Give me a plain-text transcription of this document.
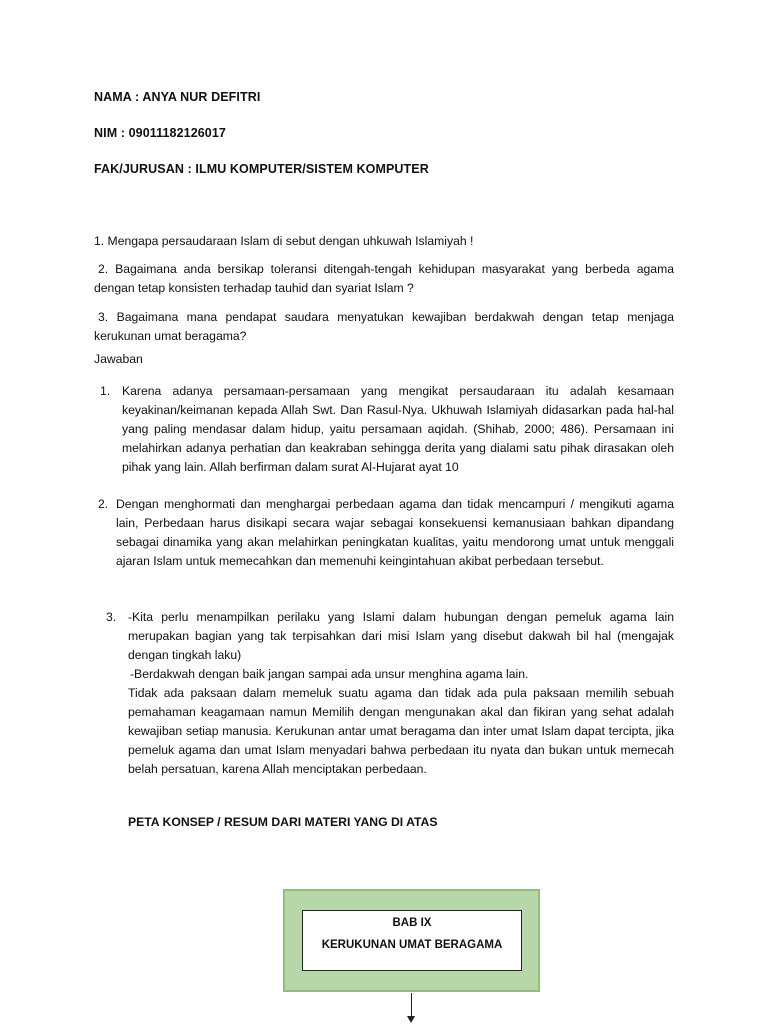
NAMA : ANYA NUR DEFITRI
NIM : 09011182126017
FAK/JURUSAN : ILMU KOMPUTER/SISTEM KOMPUTER
1. Mengapa persaudaraan Islam di sebut dengan uhkuwah Islamiyah !
2. Bagaimana anda bersikap toleransi ditengah-tengah kehidupan masyarakat yang berbeda agama dengan tetap konsisten terhadap tauhid dan syariat Islam ?
3. Bagaimana mana pendapat saudara menyatukan kewajiban berdakwah dengan tetap menjaga kerukunan umat beragama?
Jawaban
1. Karena adanya persamaan-persamaan yang mengikat persaudaraan itu adalah kesamaan keyakinan/keimanan kepada Allah Swt. Dan Rasul-Nya. Ukhuwah Islamiyah didasarkan pada hal-hal yang paling mendasar dalam hidup, yaitu persamaan aqidah. (Shihab, 2000; 486). Persamaan ini melahirkan adanya perhatian dan keakraban sehingga derita yang dialami satu pihak dirasakan oleh pihak yang lain. Allah berfirman dalam surat Al-Hujarat ayat 10
2. Dengan menghormati dan menghargai perbedaan agama dan tidak mencampuri / mengikuti agama lain, Perbedaan harus disikapi secara wajar sebagai konsekuensi kemanusiaan bahkan dipandang sebagai dinamika yang akan melahirkan peningkatan kualitas, yaitu mendorong umat untuk menggali ajaran Islam untuk memecahkan dan memenuhi keingintahuan akibat perbedaan tersebut.
3. -Kita perlu menampilkan perilaku yang Islami dalam hubungan dengan pemeluk agama lain merupakan bagian yang tak terpisahkan dari misi Islam yang disebut dakwah bil hal (mengajak dengan tingkah laku)
-Berdakwah dengan baik jangan sampai ada unsur menghina agama lain.
Tidak ada paksaan dalam memeluk suatu agama dan tidak ada pula paksaan memilih sebuah pemahaman keagamaan namun Memilih dengan mengunakan akal dan fikiran yang sehat adalah kewajiban setiap manusia. Kerukunan antar umat beragama dan inter umat Islam dapat tercipta, jika pemeluk agama dan umat Islam menyadari bahwa perbedaan itu nyata dan bukan untuk memecah belah persatuan, karena Allah menciptakan perbedaan.
PETA KONSEP / RESUM DARI MATERI YANG DI ATAS
BAB IX
KERUKUNAN UMAT BERAGAMA
